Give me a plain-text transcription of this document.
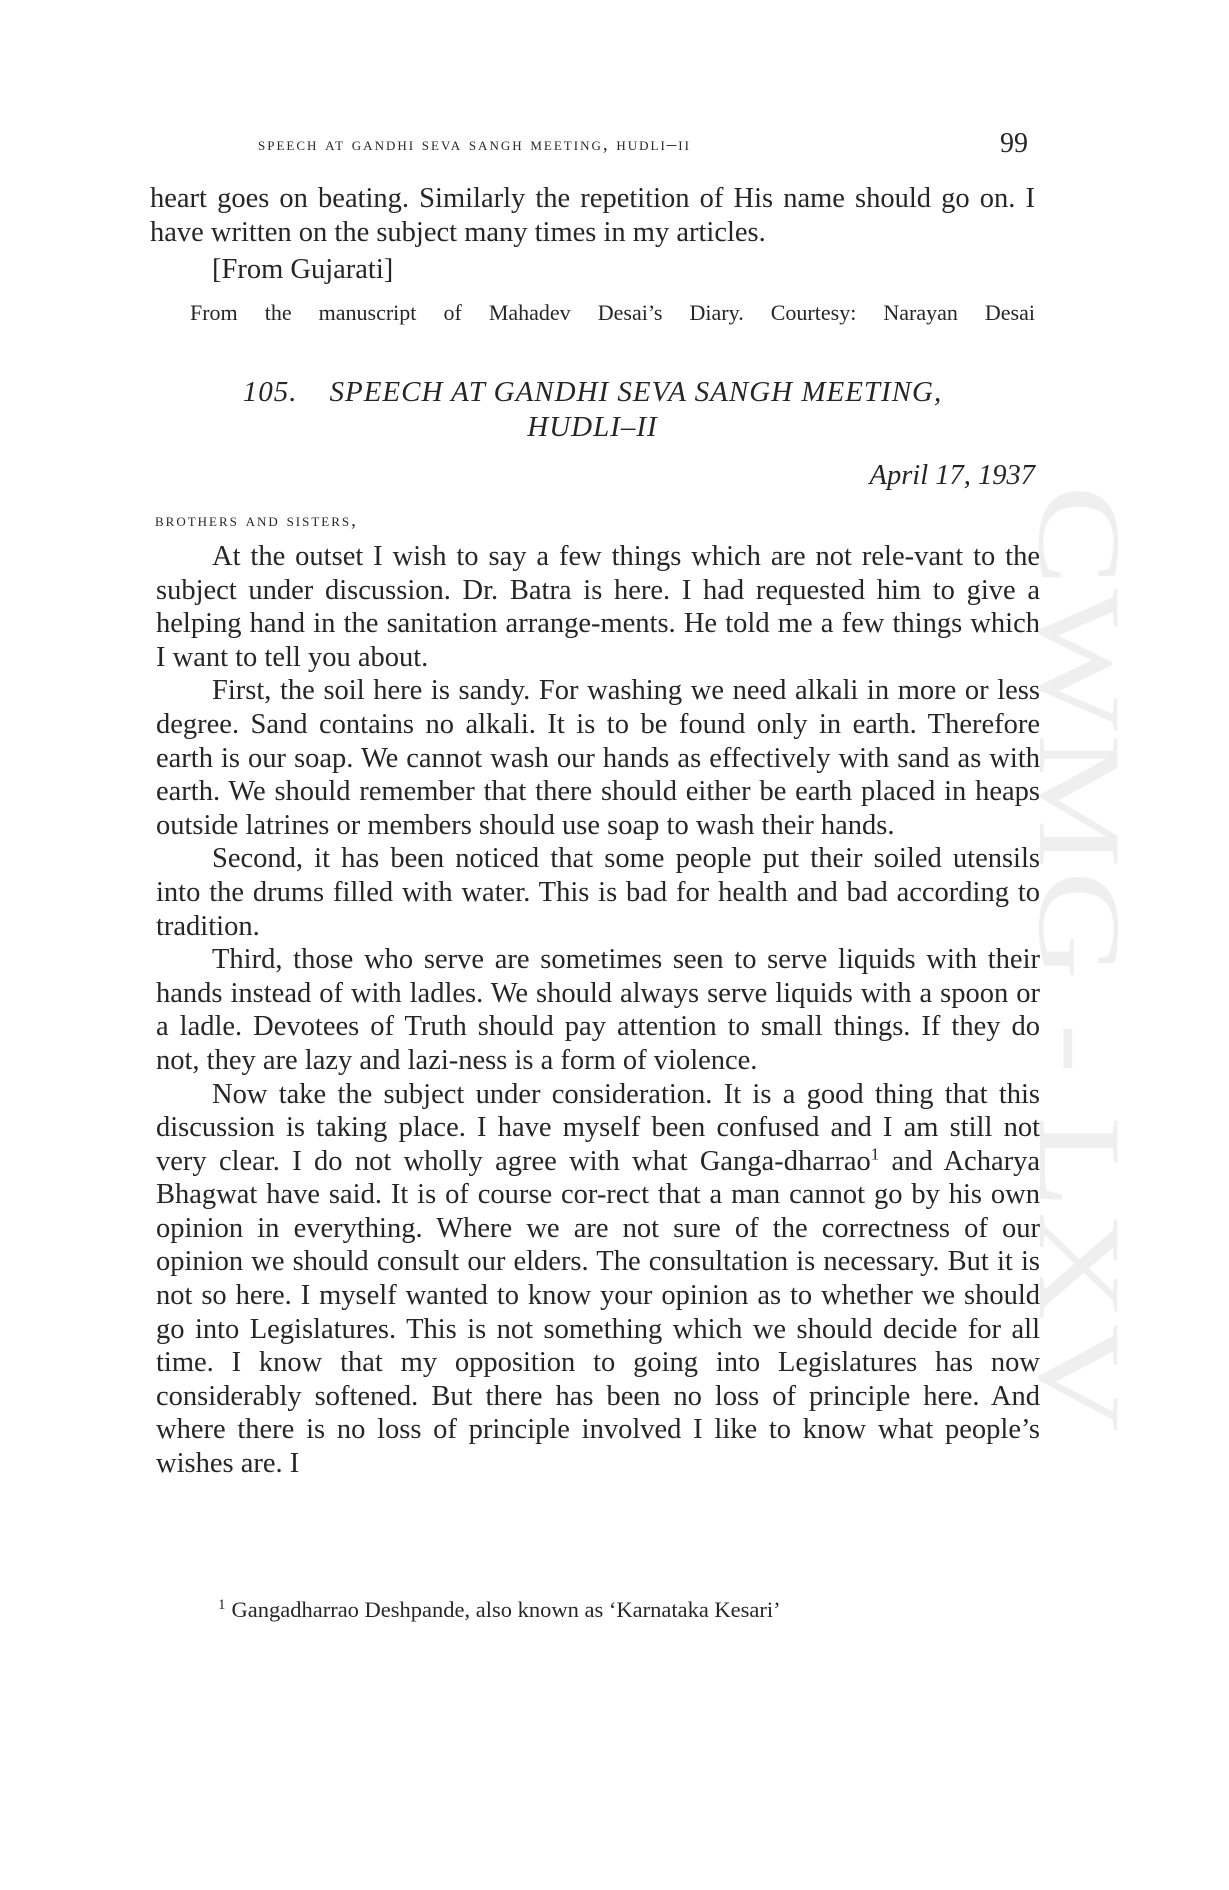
speech at gandhi seva sangh meeting, hudli–ii	99

heart goes on beating. Similarly the repetition of His name should go on. I have written on the subject many times in my articles.

[From Gujarati]
From the manuscript of Mahadev Desai’s Diary. Courtesy: Narayan Desai
105. SPEECH AT GANDHI SEVA SANGH MEETING,
HUDLI–II
April 17, 1937
brothers and sisters,

At the outset I wish to say a few things which are not rele-vant to the subject under discussion. Dr. Batra is here. I had requested him to give a helping hand in the sanitation arrange-ments. He told me a few things which I want to tell you about.

First, the soil here is sandy. For washing we need alkali in more or less degree. Sand contains no alkali. It is to be found only in earth. Therefore earth is our soap. We cannot wash our hands as effectively with sand as with earth. We should remember that there should either be earth placed in heaps outside latrines or members should use soap to wash their hands.

Second, it has been noticed that some people put their soiled utensils into the drums filled with water. This is bad for health and bad according to tradition.

Third, those who serve are sometimes seen to serve liquids with their hands instead of with ladles. We should always serve liquids with a spoon or a ladle. Devotees of Truth should pay attention to small things. If they do not, they are lazy and lazi-ness is a form of violence.

Now take the subject under consideration. It is a good thing that this discussion is taking place. I have myself been confused and I am still not very clear. I do not wholly agree with what Ganga-dharrao$^1$ and Acharya Bhagwat have said. It is of course cor-rect that a man cannot go by his own opinion in everything. Where we are not sure of the correctness of our opinion we should consult our elders. The consultation is necessary. But it is not so here. I myself wanted to know your opinion as to whether we should go into Legislatures. This is not something which we should decide for all time. I know that my opposition to going into Legislatures has now considerably softened. But there has been no loss of principle here. And where there is no loss of principle involved I like to know what people’s wishes are. I

$^1$ Gangadharrao Deshpande, also known as ‘Karnataka Kesari’
CWMG - LXV
